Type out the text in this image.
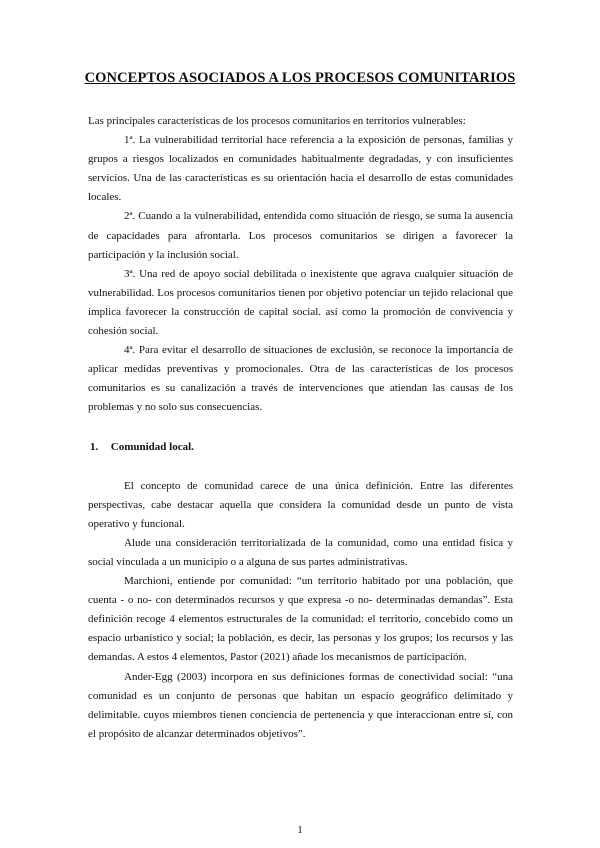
CONCEPTOS ASOCIADOS A LOS PROCESOS COMUNITARIOS

Las principales características de los procesos comunitarios en territorios vulnerables:

1ª. La vulnerabilidad territorial hace referencia a la exposición de personas, familias y grupos a riesgos localizados en comunidades habitualmente degradadas, y con insuficientes servicios. Una de las características es su orientación hacia el desarrollo de estas comunidades locales.

2ª. Cuando a la vulnerabilidad, entendida como situación de riesgo, se suma la ausencia de capacidades para afrontarla. Los procesos comunitarios se dirigen a favorecer la participación y la inclusión social.

3ª. Una red de apoyo social debilitada o inexistente que agrava cualquier situación de vulnerabilidad. Los procesos comunitarios tienen por objetivo potenciar un tejido relacional que implica favorecer la construcción de capital social. así como la promoción de convivencia y cohesión social.

4ª. Para evitar el desarrollo de situaciones de exclusión, se reconoce la importancia de aplicar medidas preventivas y promocionales. Otra de las características de los procesos comunitarios es su canalización a través de intervenciones que atiendan las causas de los problemas y no solo sus consecuencias.

1. Comunidad local.

El concepto de comunidad carece de una única definición. Entre las diferentes perspectivas, cabe destacar aquella que considera la comunidad desde un punto de vista operativo y funcional.

Alude una consideración territorializada de la comunidad, como una entidad física y social vinculada a un municipio o a alguna de sus partes administrativas.

Marchioni, entiende por comunidad: “un territorio habitado por una población, que cuenta - o no- con determinados recursos y que expresa -o no- determinadas demandas”. Esta definición recoge 4 elementos estructurales de la comunidad: el territorio, concebido como un espacio urbanístico y social; la población, es decir, las personas y los grupos; los recursos y las demandas. A estos 4 elementos, Pastor (2021) añade los mecanismos de participación.

Ander-Egg (2003) incorpora en sus definiciones formas de conectividad social: “una comunidad es un conjunto de personas que habitan un espacio geográfico delimitado y delimitable. cuyos miembros tienen conciencia de pertenencia y que interaccionan entre sí, con el propósito de alcanzar determinados objetivos”.

1
